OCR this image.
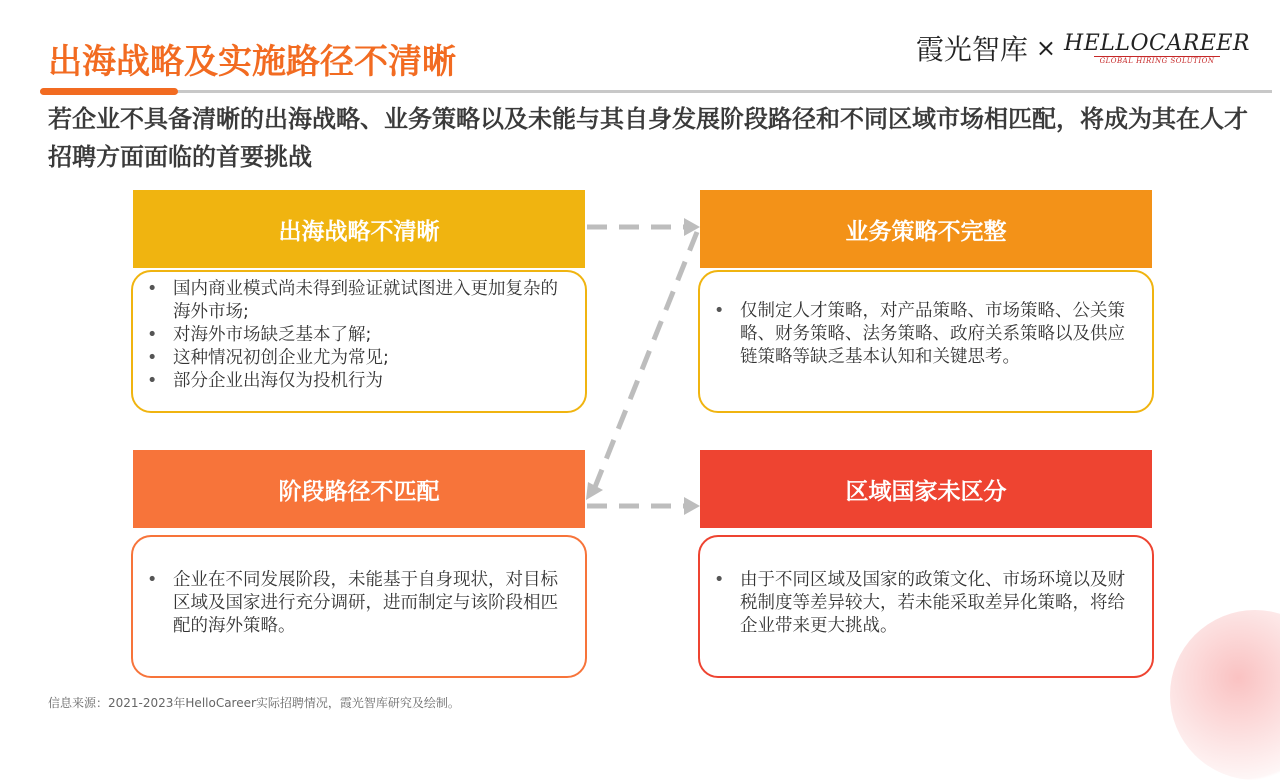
出海战略及实施路径不清晰	霞光智库 × HELLOCAREER
GLOBAL HIRING SOLUTION
若企业不具备清晰的出海战略、业务策略以及未能与其自身发展阶段路径和不同区域市场相匹配，将成为其在人才招聘方面面临的首要挑战
出海战略不清晰
• 国内商业模式尚未得到验证就试图进入更加复杂的海外市场;
• 对海外市场缺乏基本了解;
• 这种情况初创企业尤为常见;
• 部分企业出海仅为投机行为
业务策略不完整
• 仅制定人才策略，对产品策略、市场策略、公关策略、财务策略、法务策略、政府关系策略以及供应链策略等缺乏基本认知和关键思考。
阶段路径不匹配
• 企业在不同发展阶段，未能基于自身现状，对目标区域及国家进行充分调研，进而制定与该阶段相匹配的海外策略。
区域国家未区分
• 由于不同区域及国家的政策文化、市场环境以及财税制度等差异较大，若未能采取差异化策略，将给企业带来更大挑战。
信息来源：2021-2023年HelloCareer实际招聘情况，霞光智库研究及绘制。
